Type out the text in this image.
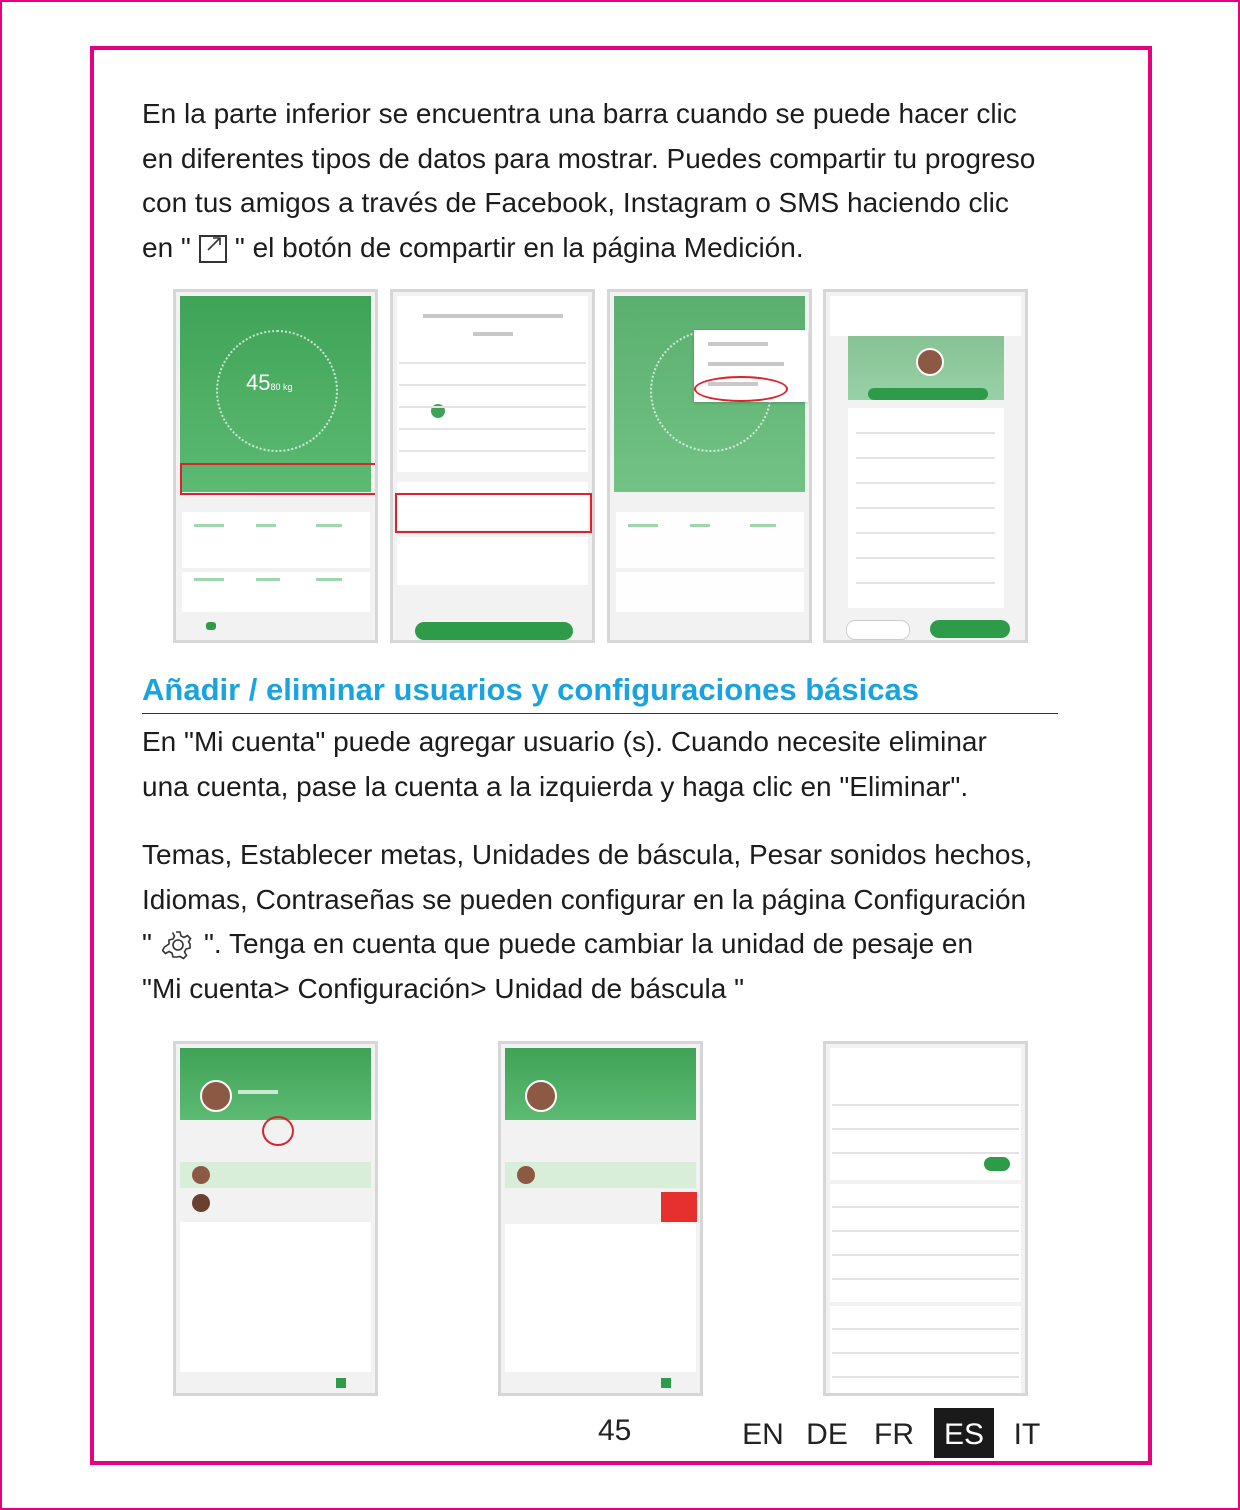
En la parte inferior se encuentra una barra cuando se puede hacer clic
en diferentes tipos de datos para mostrar. Puedes compartir tu progreso
con tus amigos a través de Facebook, Instagram o SMS haciendo clic
en " " el botón de compartir en la página Medición.

4580 kg
Añadir / eliminar usuarios y configuraciones básicas

En "Mi cuenta" puede agregar usuario (s). Cuando necesite eliminar
una cuenta, pase la cuenta a la izquierda y haga clic en "Eliminar".

Temas, Establecer metas, Unidades de báscula, Pesar sonidos hechos,
Idiomas, Contraseñas se pueden configurar en la página Configuración
" ". Tenga en cuenta que puede cambiar la unidad de pesaje en
"Mi cuenta> Configuración> Unidad de báscula "

45	EN DE FR ES IT
